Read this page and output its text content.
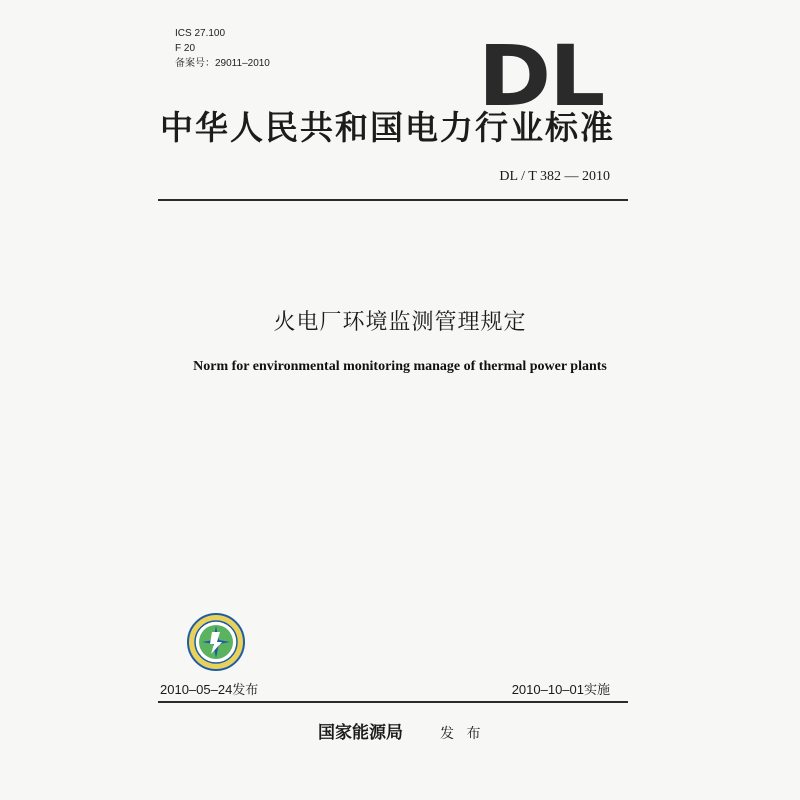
ICS 27.100
F 20
备案号：29011–2010 DL
中华人民共和国电力行业标准
DL / T 382 — 2010
火电厂环境监测管理规定
Norm for environmental monitoring manage of thermal power plants
2010–05–24发布	2010–10–01实施
国家能源局	发 布
